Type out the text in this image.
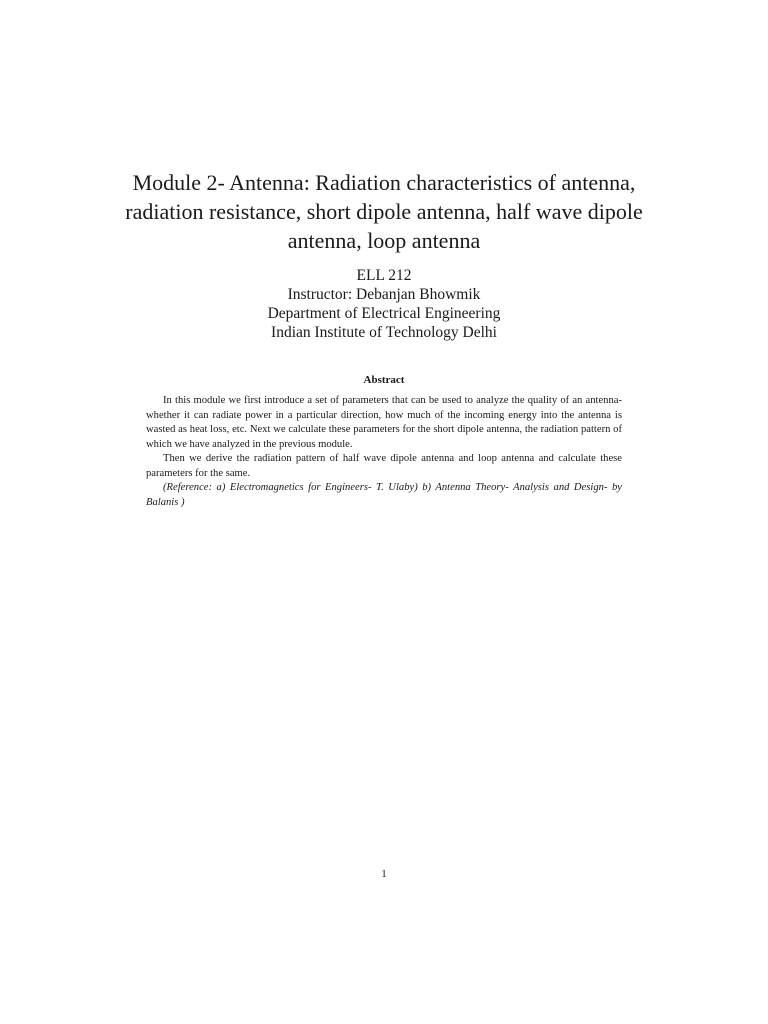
Module 2- Antenna: Radiation characteristics of antenna,
radiation resistance, short dipole antenna, half wave dipole
antenna, loop antenna
ELL 212
Instructor: Debanjan Bhowmik
Department of Electrical Engineering
Indian Institute of Technology Delhi
Abstract

In this module we first introduce a set of parameters that can be used to analyze the quality of an antenna- whether it can radiate power in a particular direction, how much of the incoming energy into the antenna is wasted as heat loss, etc. Next we calculate these parameters for the short dipole antenna, the radiation pattern of which we have analyzed in the previous module.

Then we derive the radiation pattern of half wave dipole antenna and loop antenna and calculate these parameters for the same.

(Reference: a) Electromagnetics for Engineers- T. Ulaby) b) Antenna Theory- Analysis and Design- by Balanis )

1
